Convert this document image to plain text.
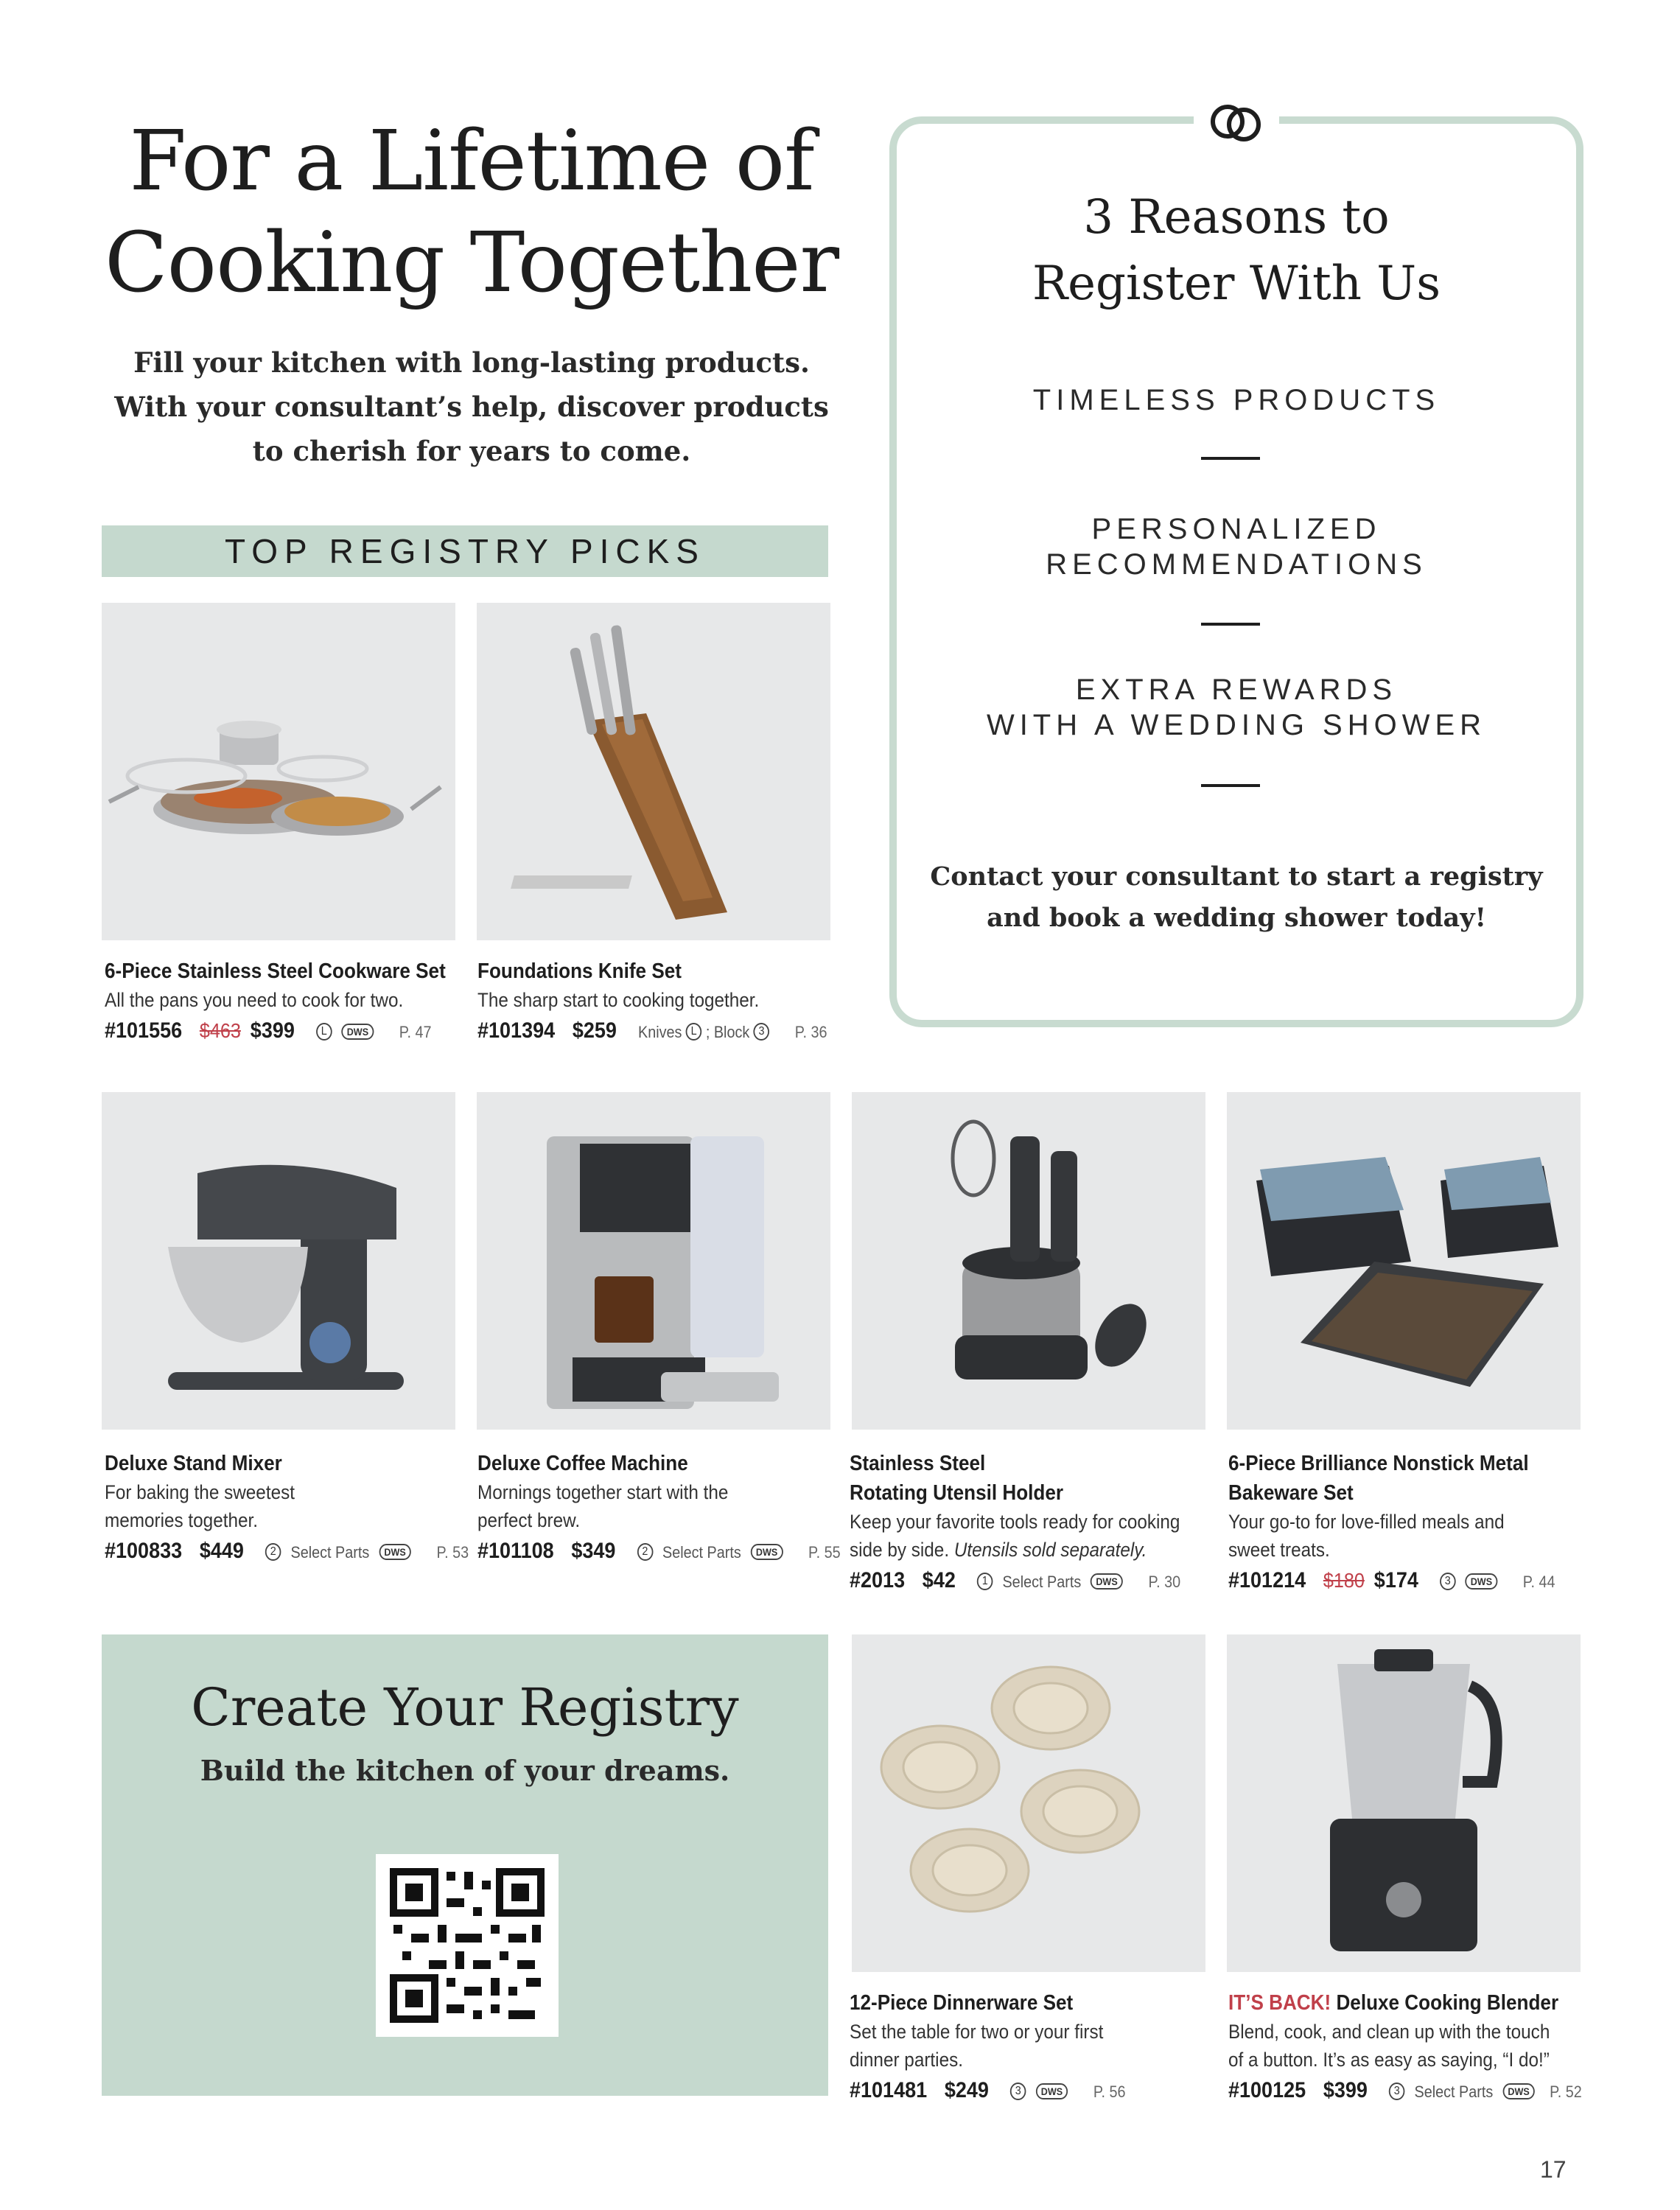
For a Lifetime of
Cooking Together

Fill your kitchen with long-lasting products.
With your consultant’s help, discover products
to cherish for years to come.

TOP REGISTRY PICKS
3 Reasons to
Register With Us
TIMELESS PRODUCTS
PERSONALIZED
RECOMMENDATIONS
EXTRA REWARDS
WITH A WEDDING SHOWER

Contact your consultant to start a registry
and book a wedding shower today!

6-Piece Stainless Steel Cookware Set
All the pans you need to cook for two.
#101556 $463 $399 L DWS P. 47
Foundations Knife Set
The sharp start to cooking together.
#101394 $259 Knives L ; Block 3 P. 36
Deluxe Stand Mixer
For baking the sweetest
memories together.
#100833 $449 2 Select Parts DWS P. 53
Deluxe Coffee Machine
Mornings together start with the
perfect brew.
#101108 $349 2 Select Parts DWS P. 55
Stainless Steel
Rotating Utensil Holder
Keep your favorite tools ready for cooking
side by side. Utensils sold separately.
#2013 $42 1 Select Parts DWS P. 30
6-Piece Brilliance Nonstick Metal
Bakeware Set
Your go-to for love-filled meals and
sweet treats.
#101214 $180 $174 3 DWS P. 44
Create Your Registry
Build the kitchen of your dreams.
12-Piece Dinnerware Set
Set the table for two or your first
dinner parties.
#101481 $249 3 DWS P. 56
IT’S BACK! Deluxe Cooking Blender
Blend, cook, and clean up with the touch
of a button. It’s as easy as saying, “I do!”
#100125 $399 3 Select Parts DWS P. 52
17
